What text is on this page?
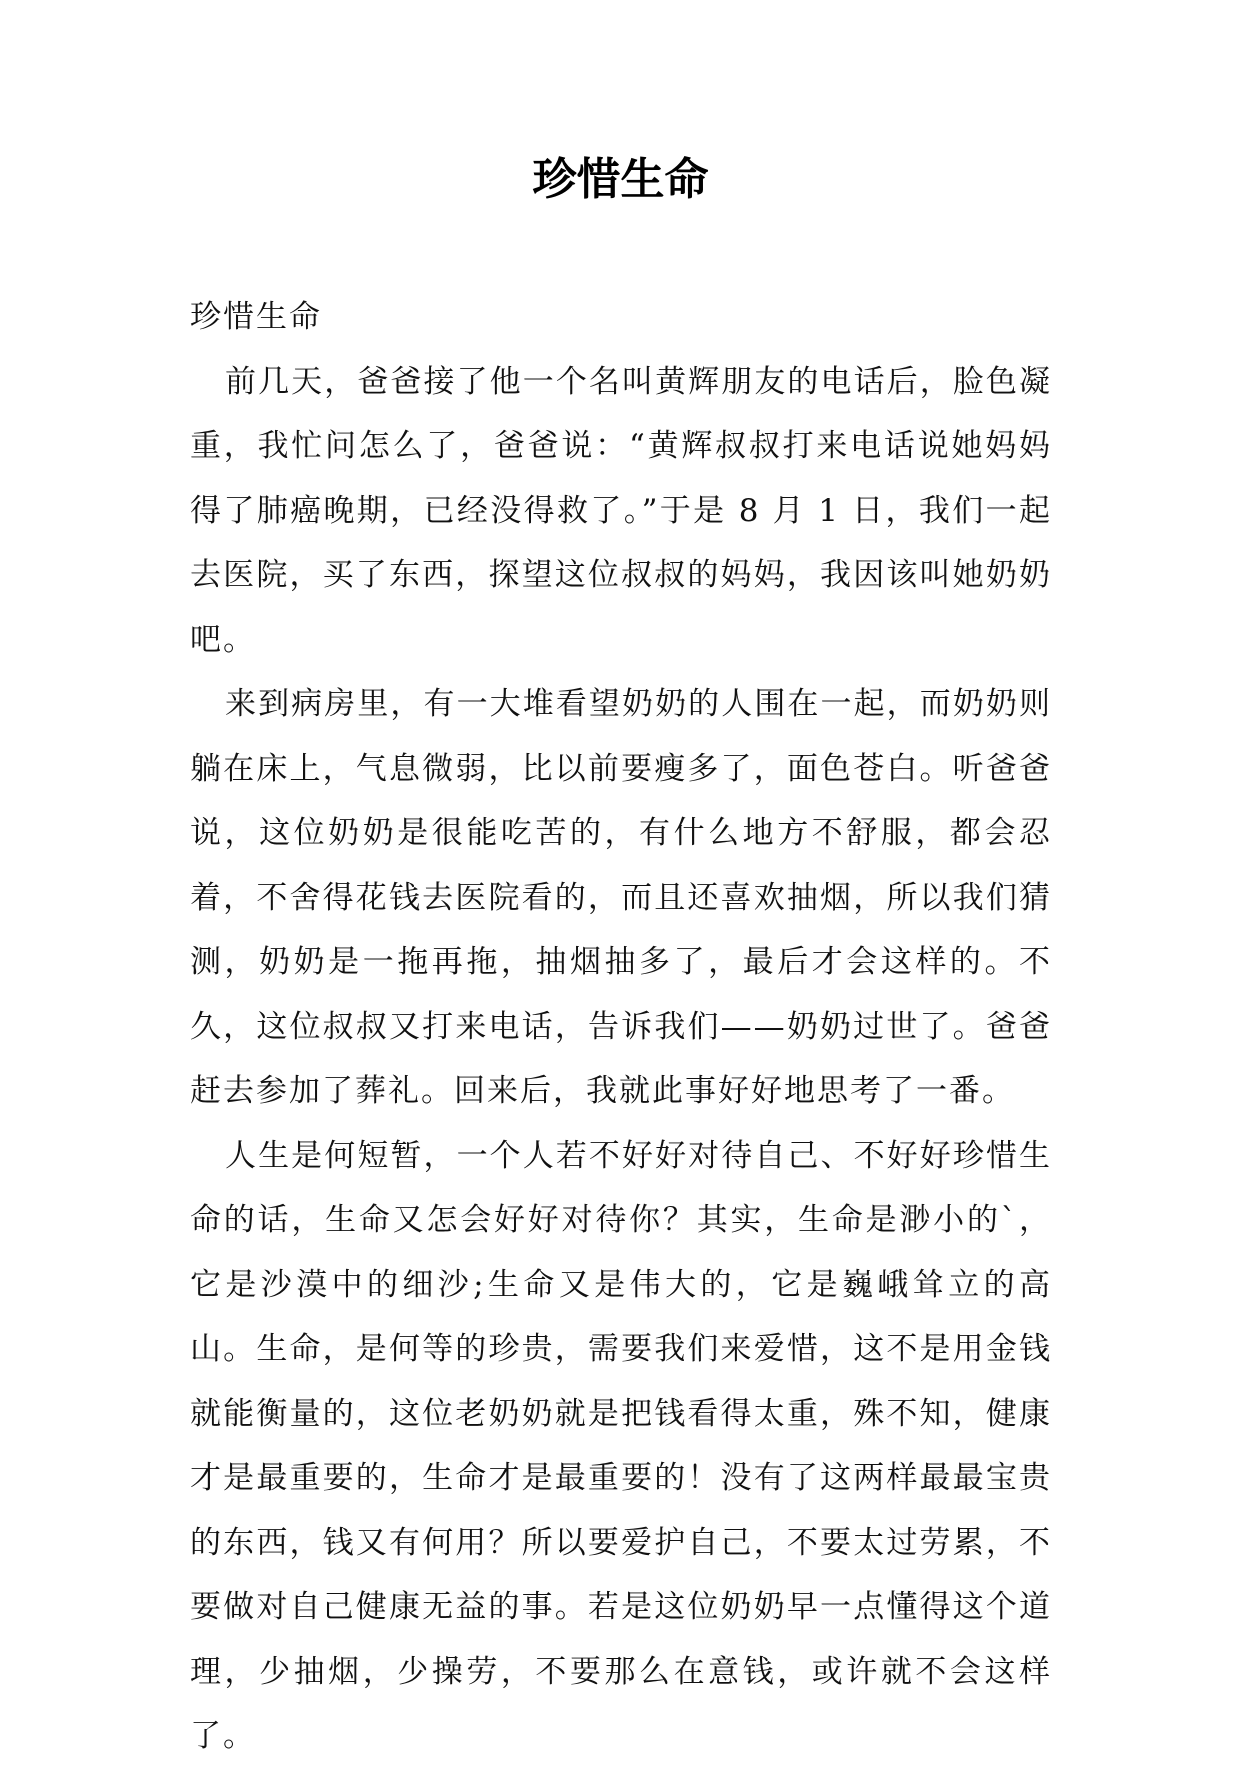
珍惜生命

珍惜生命

前几天，爸爸接了他一个名叫黄辉朋友的电话后，脸色凝重，我忙问怎么了，爸爸说：“黄辉叔叔打来电话说她妈妈得了肺癌晚期，已经没得救了。”于是 8 月 1 日，我们一起去医院，买了东西，探望这位叔叔的妈妈，我因该叫她奶奶吧。

来到病房里，有一大堆看望奶奶的人围在一起，而奶奶则躺在床上，气息微弱，比以前要瘦多了，面色苍白。听爸爸说，这位奶奶是很能吃苦的，有什么地方不舒服，都会忍着，不舍得花钱去医院看的，而且还喜欢抽烟，所以我们猜测，奶奶是一拖再拖，抽烟抽多了，最后才会这样的。不久，这位叔叔又打来电话，告诉我们——奶奶过世了。爸爸赶去参加了葬礼。回来后，我就此事好好地思考了一番。

人生是何短暂，一个人若不好好对待自己、不好好珍惜生命的话，生命又怎会好好对待你？其实，生命是渺小的`，它是沙漠中的细沙;生命又是伟大的，它是巍峨耸立的高山。生命，是何等的珍贵，需要我们来爱惜，这不是用金钱就能衡量的，这位老奶奶就是把钱看得太重，殊不知，健康才是最重要的，生命才是最重要的！没有了这两样最最宝贵的东西，钱又有何用？所以要爱护自己，不要太过劳累，不要做对自己健康无益的事。若是这位奶奶早一点懂得这个道理，少抽烟，少操劳，不要那么在意钱，或许就不会这样了。
